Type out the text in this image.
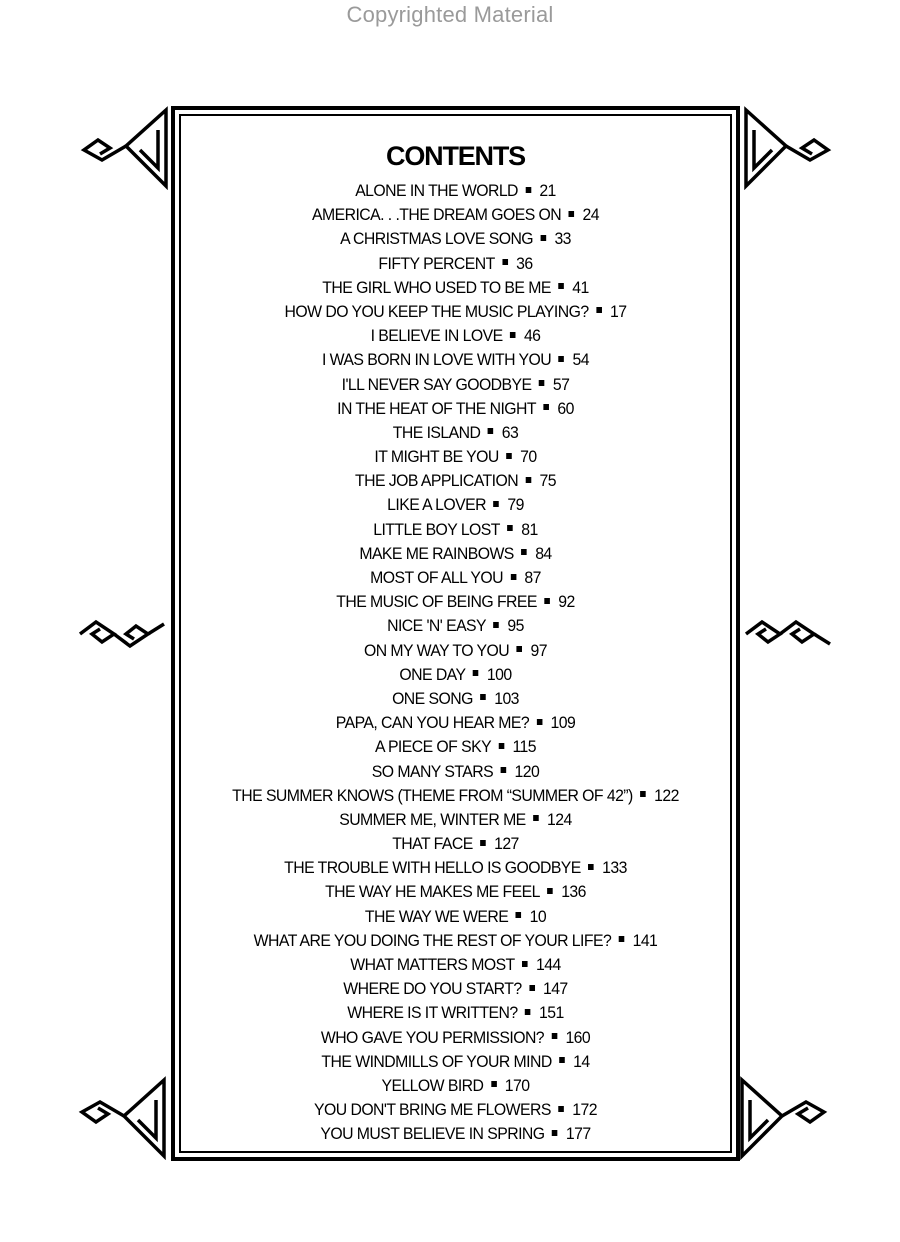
Copyrighted Material
CONTENTS
ALONE IN THE WORLD 21
AMERICA. . .THE DREAM GOES ON 24
A CHRISTMAS LOVE SONG 33
FIFTY PERCENT 36
THE GIRL WHO USED TO BE ME 41
HOW DO YOU KEEP THE MUSIC PLAYING? 17
I BELIEVE IN LOVE 46
I WAS BORN IN LOVE WITH YOU 54
I'LL NEVER SAY GOODBYE 57
IN THE HEAT OF THE NIGHT 60
THE ISLAND 63
IT MIGHT BE YOU 70
THE JOB APPLICATION 75
LIKE A LOVER 79
LITTLE BOY LOST 81
MAKE ME RAINBOWS 84
MOST OF ALL YOU 87
THE MUSIC OF BEING FREE 92
NICE 'N' EASY 95
ON MY WAY TO YOU 97
ONE DAY 100
ONE SONG 103
PAPA, CAN YOU HEAR ME? 109
A PIECE OF SKY 115
SO MANY STARS 120
THE SUMMER KNOWS (THEME FROM “SUMMER OF 42”) 122
SUMMER ME, WINTER ME 124
THAT FACE 127
THE TROUBLE WITH HELLO IS GOODBYE 133
THE WAY HE MAKES ME FEEL 136
THE WAY WE WERE 10
WHAT ARE YOU DOING THE REST OF YOUR LIFE? 141
WHAT MATTERS MOST 144
WHERE DO YOU START? 147
WHERE IS IT WRITTEN? 151
WHO GAVE YOU PERMISSION? 160
THE WINDMILLS OF YOUR MIND 14
YELLOW BIRD 170
YOU DON'T BRING ME FLOWERS 172
YOU MUST BELIEVE IN SPRING 177
